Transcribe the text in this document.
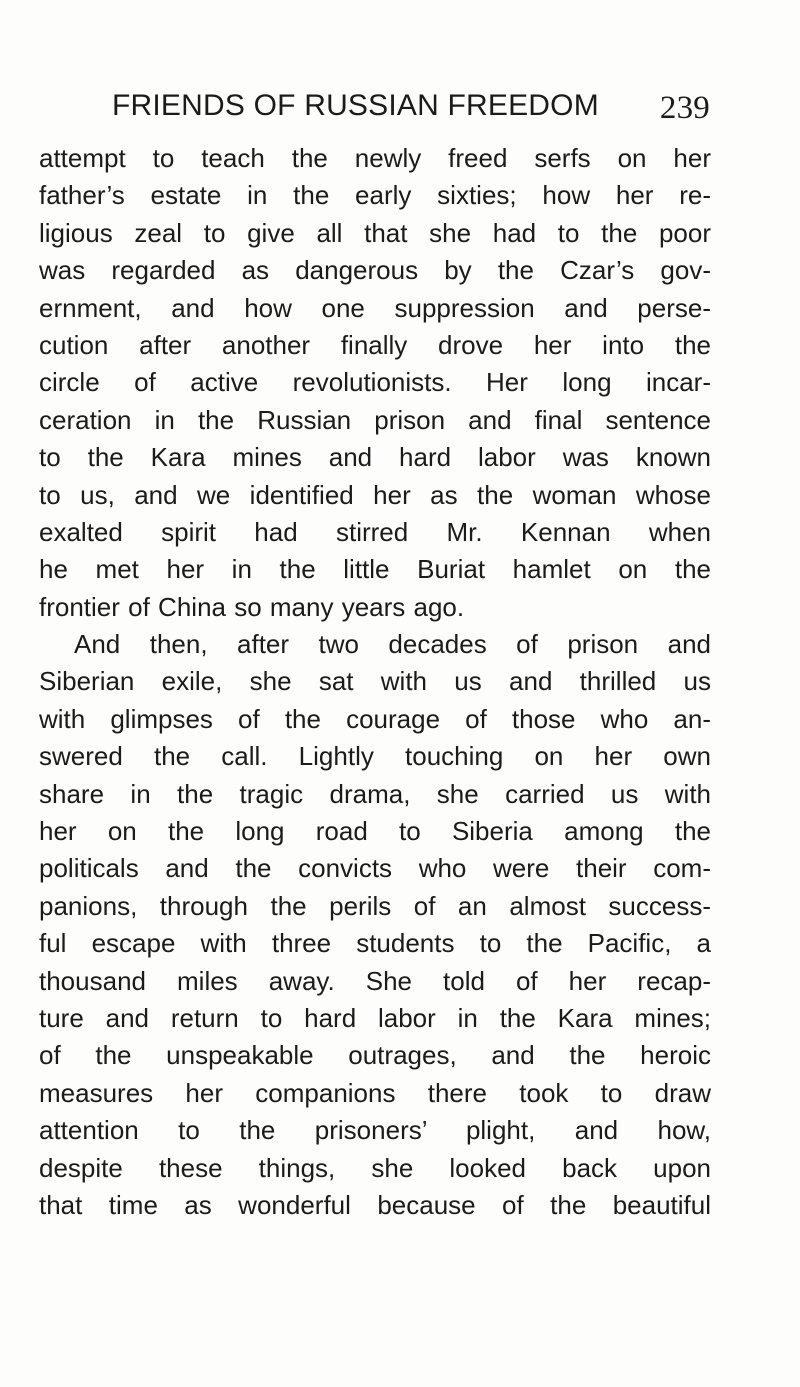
FRIENDS OF RUSSIAN FREEDOM 239
attempt to teach the newly freed serfs on her
father’s estate in the early sixties; how her re-
ligious zeal to give all that she had to the poor
was regarded as dangerous by the Czar’s gov-
ernment, and how one suppression and perse-
cution after another finally drove her into the
circle of active revolutionists. Her long incar-
ceration in the Russian prison and final sentence
to the Kara mines and hard labor was known
to us, and we identified her as the woman whose
exalted spirit had stirred Mr. Kennan when
he met her in the little Buriat hamlet on the
frontier of China so many years ago.
And then, after two decades of prison and
Siberian exile, she sat with us and thrilled us
with glimpses of the courage of those who an-
swered the call. Lightly touching on her own
share in the tragic drama, she carried us with
her on the long road to Siberia among the
politicals and the convicts who were their com-
panions, through the perils of an almost success-
ful escape with three students to the Pacific, a
thousand miles away. She told of her recap-
ture and return to hard labor in the Kara mines;
of the unspeakable outrages, and the heroic
measures her companions there took to draw
attention to the prisoners’ plight, and how,
despite these things, she looked back upon
that time as wonderful because of the beautiful
